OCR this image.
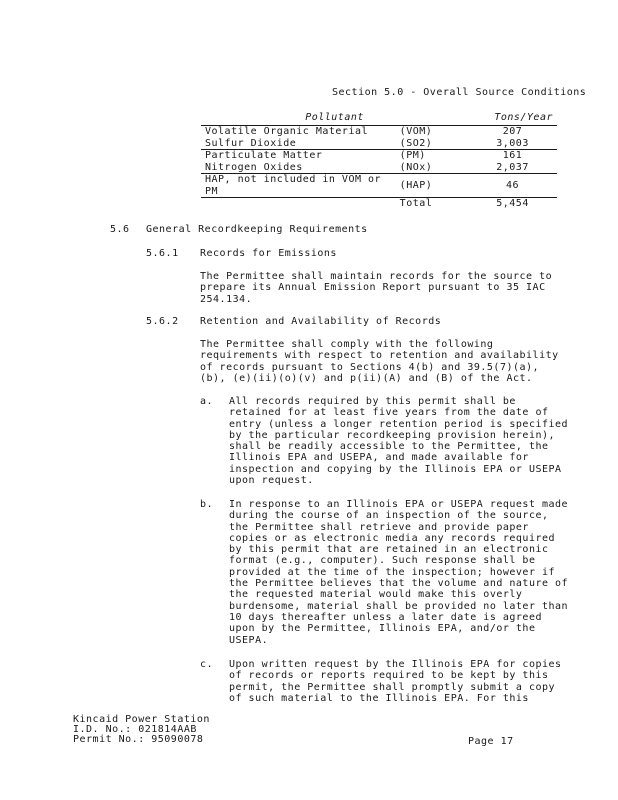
Section 5.0 - Overall Source Conditions
Pollutant		Tons/Year
Volatile Organic Material	(VOM)	207
Sulfur Dioxide	(SO2)	3,003
Particulate Matter	(PM)	161
Nitrogen Oxides	(NOx)	2,037
HAP, not included in VOM or PM	(HAP)	46
	Total	5,454
5.6 General Recordkeeping Requirements
5.6.1 Records for Emissions
The Permittee shall maintain records for the source to
prepare its Annual Emission Report pursuant to 35 IAC
254.134.
5.6.2 Retention and Availability of Records
The Permittee shall comply with the following
requirements with respect to retention and availability
of records pursuant to Sections 4(b) and 39.5(7)(a),
(b), (e)(ii)(o)(v) and p(ii)(A) and (B) of the Act.
a. All records required by this permit shall be
retained for at least five years from the date of
entry (unless a longer retention period is specified
by the particular recordkeeping provision herein),
shall be readily accessible to the Permittee, the
Illinois EPA and USEPA, and made available for
inspection and copying by the Illinois EPA or USEPA
upon request.
b. In response to an Illinois EPA or USEPA request made
during the course of an inspection of the source,
the Permittee shall retrieve and provide paper
copies or as electronic media any records required
by this permit that are retained in an electronic
format (e.g., computer). Such response shall be
provided at the time of the inspection; however if
the Permittee believes that the volume and nature of
the requested material would make this overly
burdensome, material shall be provided no later than
10 days thereafter unless a later date is agreed
upon by the Permittee, Illinois EPA, and/or the
USEPA.
c. Upon written request by the Illinois EPA for copies
of records or reports required to be kept by this
permit, the Permittee shall promptly submit a copy
of such material to the Illinois EPA. For this
Kincaid Power Station
I.D. No.: 021814AAB
Permit No.: 95090078	Page 17
